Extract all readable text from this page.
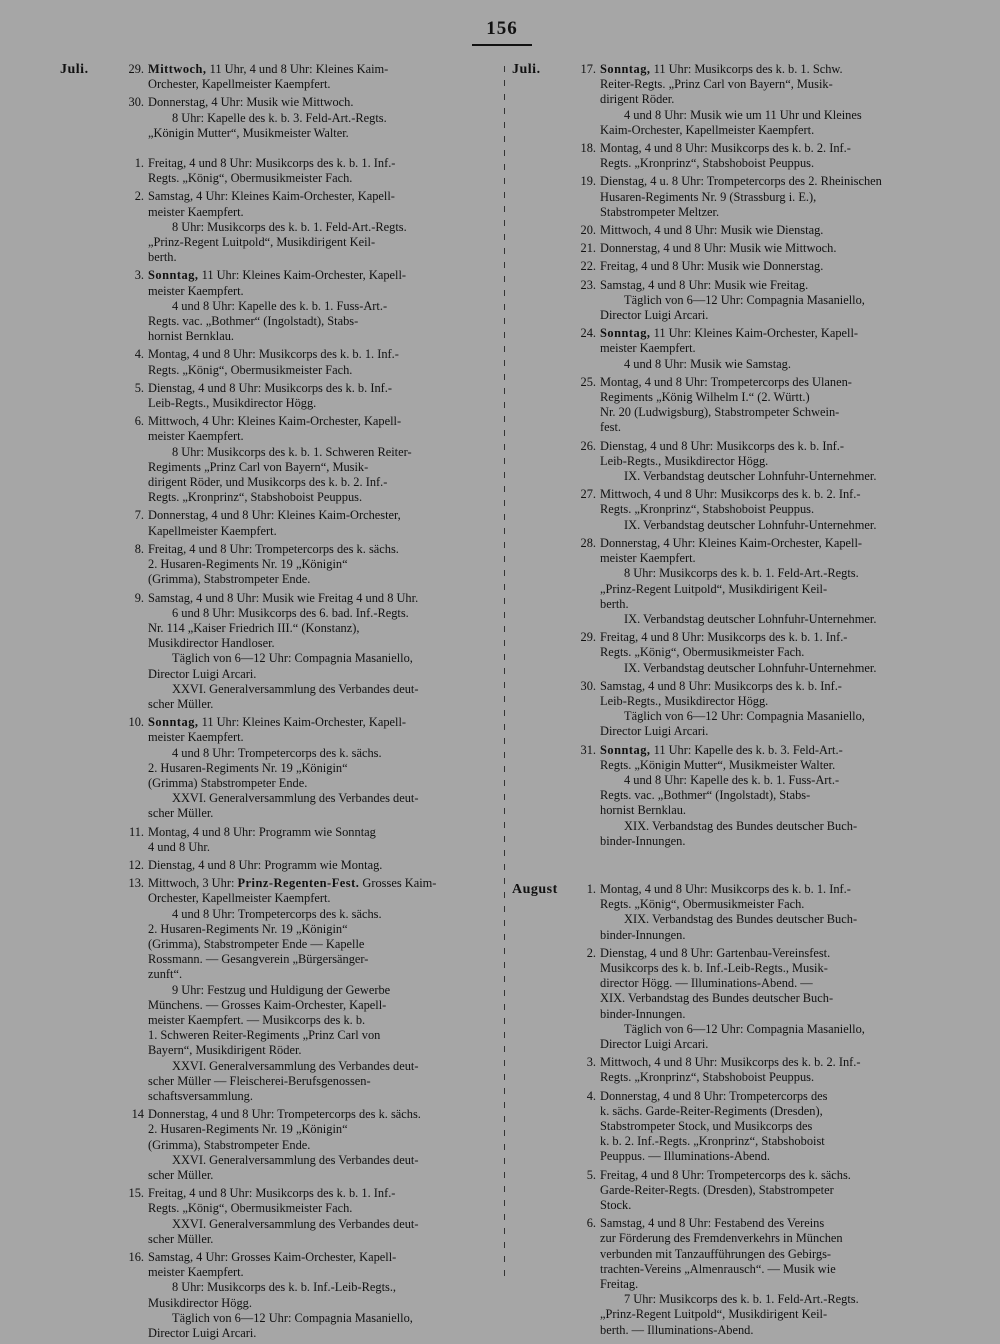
156
Juli.	29. Mittwoch, 11 Uhr, 4 und 8 Uhr: Kleines Kaim-
Orchester, Kapellmeister Kaempfert.
30. Donnerstag, 4 Uhr: Musik wie Mittwoch.
8 Uhr: Kapelle des k. b. 3. Feld-Art.-Regts.
„Königin Mutter“, Musikmeister Walter.
1. Freitag, 4 und 8 Uhr: Musikcorps des k. b. 1. Inf.-
Regts. „König“, Obermusikmeister Fach.
2. Samstag, 4 Uhr: Kleines Kaim-Orchester, Kapell-
meister Kaempfert.
8 Uhr: Musikcorps des k. b. 1. Feld-Art.-Regts.
„Prinz-Regent Luitpold“, Musikdirigent Keil-
berth.
3. Sonntag, 11 Uhr: Kleines Kaim-Orchester, Kapell-
meister Kaempfert.
4 und 8 Uhr: Kapelle des k. b. 1. Fuss-Art.-
Regts. vac. „Bothmer“ (Ingolstadt), Stabs-
hornist Bernklau.
4. Montag, 4 und 8 Uhr: Musikcorps des k. b. 1. Inf.-
Regts. „König“, Obermusikmeister Fach.
5. Dienstag, 4 und 8 Uhr: Musikcorps des k. b. Inf.-
Leib-Regts., Musikdirector Högg.
6. Mittwoch, 4 Uhr: Kleines Kaim-Orchester, Kapell-
meister Kaempfert.
8 Uhr: Musikcorps des k. b. 1. Schweren Reiter-
Regiments „Prinz Carl von Bayern“, Musik-
dirigent Röder, und Musikcorps des k. b. 2. Inf.-
Regts. „Kronprinz“, Stabshoboist Peuppus.
7. Donnerstag, 4 und 8 Uhr: Kleines Kaim-Orchester,
Kapellmeister Kaempfert.
8. Freitag, 4 und 8 Uhr: Trompetercorps des k. sächs.
2. Husaren-Regiments Nr. 19 „Königin“
(Grimma), Stabstrompeter Ende.
9. Samstag, 4 und 8 Uhr: Musik wie Freitag 4 und 8 Uhr.
6 und 8 Uhr: Musikcorps des 6. bad. Inf.-Regts.
Nr. 114 „Kaiser Friedrich III.“ (Konstanz),
Musikdirector Handloser.
Täglich von 6—12 Uhr: Compagnia Masaniello,
Director Luigi Arcari.
XXVI. Generalversammlung des Verbandes deut-
scher Müller.
10. Sonntag, 11 Uhr: Kleines Kaim-Orchester, Kapell-
meister Kaempfert.
4 und 8 Uhr: Trompetercorps des k. sächs.
2. Husaren-Regiments Nr. 19 „Königin“
(Grimma) Stabstrompeter Ende.
XXVI. Generalversammlung des Verbandes deut-
scher Müller.
11. Montag, 4 und 8 Uhr: Programm wie Sonntag
4 und 8 Uhr.
12. Dienstag, 4 und 8 Uhr: Programm wie Montag.
13. Mittwoch, 3 Uhr: Prinz-Regenten-Fest. Grosses Kaim-
Orchester, Kapellmeister Kaempfert.
4 und 8 Uhr: Trompetercorps des k. sächs.
2. Husaren-Regiments Nr. 19 „Königin“
(Grimma), Stabstrompeter Ende — Kapelle
Rossmann. — Gesangverein „Bürgersänger-
zunft“.
9 Uhr: Festzug und Huldigung der Gewerbe
Münchens. — Grosses Kaim-Orchester, Kapell-
meister Kaempfert. — Musikcorps des k. b.
1. Schweren Reiter-Regiments „Prinz Carl von
Bayern“, Musikdirigent Röder.
XXVI. Generalversammlung des Verbandes deut-
scher Müller — Fleischerei-Berufsgenossen-
schaftsversammlung.
14 Donnerstag, 4 und 8 Uhr: Trompetercorps des k. sächs.
2. Husaren-Regiments Nr. 19 „Königin“
(Grimma), Stabstrompeter Ende.
XXVI. Generalversammlung des Verbandes deut-
scher Müller.
15. Freitag, 4 und 8 Uhr: Musikcorps des k. b. 1. Inf.-
Regts. „König“, Obermusikmeister Fach.
XXVI. Generalversammlung des Verbandes deut-
scher Müller.
16. Samstag, 4 Uhr: Grosses Kaim-Orchester, Kapell-
meister Kaempfert.
8 Uhr: Musikcorps des k. b. Inf.-Leib-Regts.,
Musikdirector Högg.
Täglich von 6—12 Uhr: Compagnia Masaniello,
Director Luigi Arcari.
Juli.	17. Sonntag, 11 Uhr: Musikcorps des k. b. 1. Schw.
Reiter-Regts. „Prinz Carl von Bayern“, Musik-
dirigent Röder.
4 und 8 Uhr: Musik wie um 11 Uhr und Kleines
Kaim-Orchester, Kapellmeister Kaempfert.
18. Montag, 4 und 8 Uhr: Musikcorps des k. b. 2. Inf.-
Regts. „Kronprinz“, Stabshoboist Peuppus.
19. Dienstag, 4 u. 8 Uhr: Trompetercorps des 2. Rheinischen
Husaren-Regiments Nr. 9 (Strassburg i. E.),
Stabstrompeter Meltzer.
20. Mittwoch, 4 und 8 Uhr: Musik wie Dienstag.
21. Donnerstag, 4 und 8 Uhr: Musik wie Mittwoch.
22. Freitag, 4 und 8 Uhr: Musik wie Donnerstag.
23. Samstag, 4 und 8 Uhr: Musik wie Freitag.
Täglich von 6—12 Uhr: Compagnia Masaniello,
Director Luigi Arcari.
24. Sonntag, 11 Uhr: Kleines Kaim-Orchester, Kapell-
meister Kaempfert.
4 und 8 Uhr: Musik wie Samstag.
25. Montag, 4 und 8 Uhr: Trompetercorps des Ulanen-
Regiments „König Wilhelm I.“ (2. Württ.)
Nr. 20 (Ludwigsburg), Stabstrompeter Schwein-
fest.
26. Dienstag, 4 und 8 Uhr: Musikcorps des k. b. Inf.-
Leib-Regts., Musikdirector Högg.
IX. Verbandstag deutscher Lohnfuhr-Unternehmer.
27. Mittwoch, 4 und 8 Uhr: Musikcorps des k. b. 2. Inf.-
Regts. „Kronprinz“, Stabshoboist Peuppus.
IX. Verbandstag deutscher Lohnfuhr-Unternehmer.
28. Donnerstag, 4 Uhr: Kleines Kaim-Orchester, Kapell-
meister Kaempfert.
8 Uhr: Musikcorps des k. b. 1. Feld-Art.-Regts.
„Prinz-Regent Luitpold“, Musikdirigent Keil-
berth.
IX. Verbandstag deutscher Lohnfuhr-Unternehmer.
29. Freitag, 4 und 8 Uhr: Musikcorps des k. b. 1. Inf.-
Regts. „König“, Obermusikmeister Fach.
IX. Verbandstag deutscher Lohnfuhr-Unternehmer.
30. Samstag, 4 und 8 Uhr: Musikcorps des k. b. Inf.-
Leib-Regts., Musikdirector Högg.
Täglich von 6—12 Uhr: Compagnia Masaniello,
Director Luigi Arcari.
31. Sonntag, 11 Uhr: Kapelle des k. b. 3. Feld-Art.-
Regts. „Königin Mutter“, Musikmeister Walter.
4 und 8 Uhr: Kapelle des k. b. 1. Fuss-Art.-
Regts. vac. „Bothmer“ (Ingolstadt), Stabs-
hornist Bernklau.
XIX. Verbandstag des Bundes deutscher Buch-
binder-Innungen.
August	1. Montag, 4 und 8 Uhr: Musikcorps des k. b. 1. Inf.-
Regts. „König“, Obermusikmeister Fach.
XIX. Verbandstag des Bundes deutscher Buch-
binder-Innungen.
2. Dienstag, 4 und 8 Uhr: Gartenbau-Vereinsfest.
Musikcorps des k. b. Inf.-Leib-Regts., Musik-
director Högg. — Illuminations-Abend. —
XIX. Verbandstag des Bundes deutscher Buch-
binder-Innungen.
Täglich von 6—12 Uhr: Compagnia Masaniello,
Director Luigi Arcari.
3. Mittwoch, 4 und 8 Uhr: Musikcorps des k. b. 2. Inf.-
Regts. „Kronprinz“, Stabshoboist Peuppus.
4. Donnerstag, 4 und 8 Uhr: Trompetercorps des
k. sächs. Garde-Reiter-Regiments (Dresden),
Stabstrompeter Stock, und Musikcorps des
k. b. 2. Inf.-Regts. „Kronprinz“, Stabshoboist
Peuppus. — Illuminations-Abend.
5. Freitag, 4 und 8 Uhr: Trompetercorps des k. sächs.
Garde-Reiter-Regts. (Dresden), Stabstrompeter
Stock.
6. Samstag, 4 und 8 Uhr: Festabend des Vereins
zur Förderung des Fremdenverkehrs in München
verbunden mit Tanzaufführungen des Gebirgs-
trachten-Vereins „Almenrausch“. — Musik wie
Freitag.
7 Uhr: Musikcorps des k. b. 1. Feld-Art.-Regts.
„Prinz-Regent Luitpold“, Musikdirigent Keil-
berth. — Illuminations-Abend.
